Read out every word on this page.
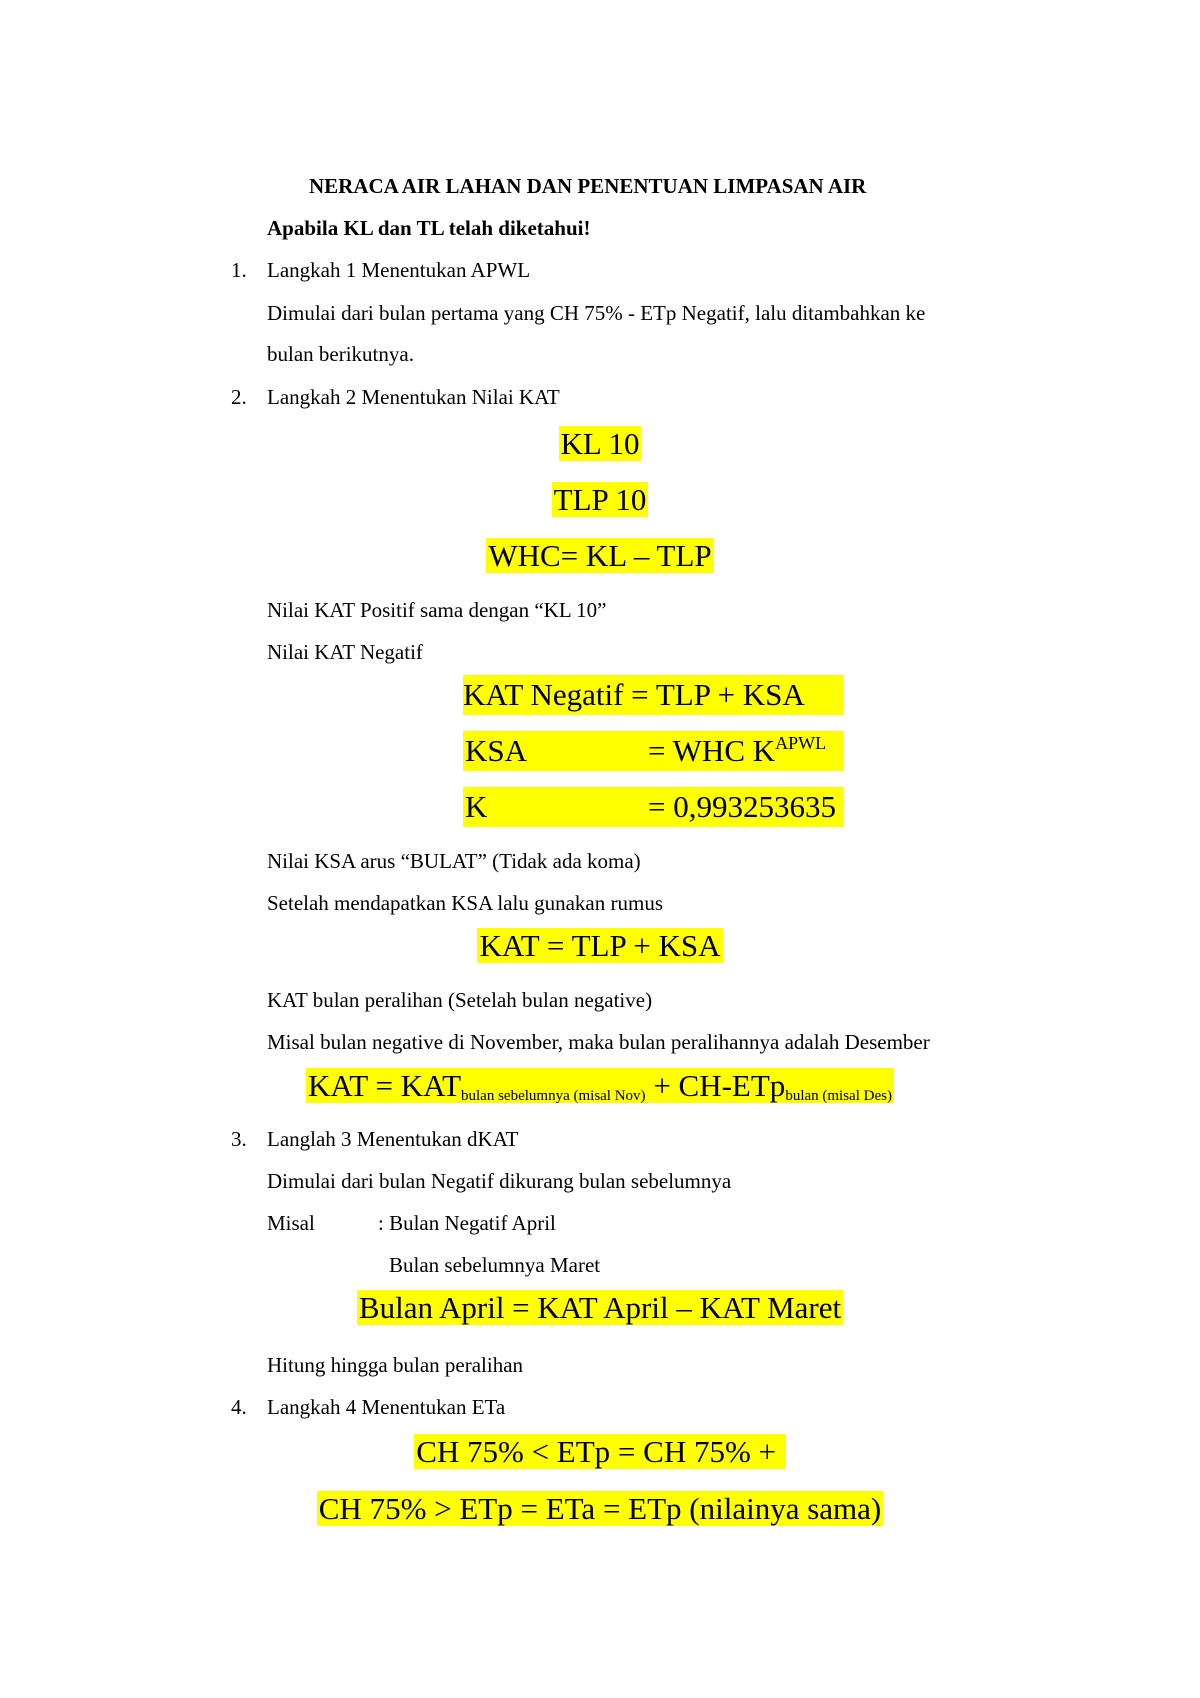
NERACA AIR LAHAN DAN PENENTUAN LIMPASAN AIR
Apabila KL dan TL telah diketahui!
1. Langkah 1 Menentukan APWL
Dimulai dari bulan pertama yang CH 75% - ETp Negatif, lalu ditambahkan ke
bulan berikutnya.
2. Langkah 2 Menentukan Nilai KAT
KL 10
TLP 10
WHC= KL – TLP
Nilai KAT Positif sama dengan “KL 10”
Nilai KAT Negatif
KAT Negatif = TLP + KSA
KSA	= WHC $K^{APWL}$
K	= 0,993253635
Nilai KSA arus “BULAT” (Tidak ada koma)
Setelah mendapatkan KSA lalu gunakan rumus
KAT = TLP + KSA
KAT bulan peralihan (Setelah bulan negative)
Misal bulan negative di November, maka bulan peralihannya adalah Desember
KAT = $KAT_{bulan sebelumnya (misal Nov)} + CH-ETp_{bulan (misal Des)}$
3. Langlah 3 Menentukan dKAT
Dimulai dari bulan Negatif dikurang bulan sebelumnya
Misal	: Bulan Negatif April
Bulan sebelumnya Maret
Bulan April = KAT April – KAT Maret
Hitung hingga bulan peralihan
4. Langkah 4 Menentukan ETa
CH 75% < ETp = CH 75% +
CH 75% > ETp = ETa = ETp (nilainya sama)
